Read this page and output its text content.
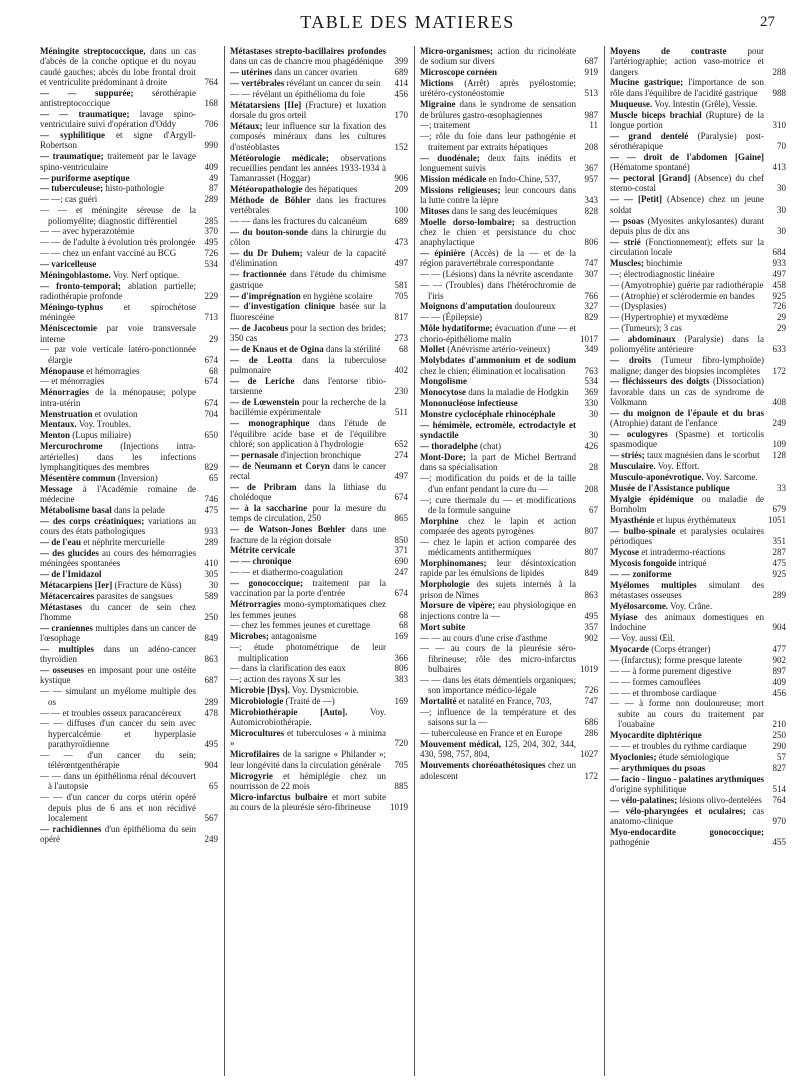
TABLE DES MATIERES	27
Méningite streptococcique, dans un cas d'abcès de la conche optique et du noyau caudé gauches; abcès du lobe frontal droit et ventriculite prédominant à droite	764
— — suppurée; sérothérapie antistreptococcique	168
— — traumatique; lavage spino-ventriculaire suivi d'opération d'Oddy	706
— syphilitique et signe d'Argyll-Robertson	990
— traumatique; traitement par le lavage spino-ventriculaire	409
— puriforme aseptique	49
— tuberculeuse; histo-pathologie	87
— —; cas guéri	289
— — et méningite séreuse de la poliomyélite; diagnostic différentiel	285
— — avec hyperazotémie	370
— — de l'adulte à évolution très prolongée 495
— — chez un enfant vacciné au BCG	726
— varicelleuse	534
Méningoblastome. Voy. Nerf optique.
— fronto-temporal; ablation partielle; radiothérapie profonde	229
Méningo-typhus et spirochétose méningée	713
Méniscectomie par voie transversale interne	29
— par voie verticale latéro-ponctionnée élargie	674
Ménopause et hémorragies	68
— et ménorragies	674
Ménorragies de la ménopause; polype intra-utérin	674
Menstruation et ovulation	704
Mentaux. Voy. Troubles.
Menton (Lupus miliaire)	650
Mercurochrome (Injections intra-artérielles) dans les infections lymphangitiques des membres	829
Mésentère commun (Inversion)	65
Message à l'Académie romaine de médecine	746
Métabolisme basal dans la pelade	475
— des corps créatiniques; variations au cours des états pathologiques	933
— de l'eau et néphrite mercurielle	289
— des glucides au cours des hémorragies méningées spontanées	410
— de l'Imidazol	305
Métacarpiens [Ier] (Fracture de Küss)	30
Métacercaires parasites de sangsues	589
Métastases du cancer de sein chez l'homme	250
— craniennes multiples dans un cancer de l'œsophage	849
— multiples dans un adéno-cancer thyroïdien	863
— osseuses en imposant pour une ostéite kystique	687
— — simulant un myélome multiple des os	289
— — et troubles osseux paracancéreux	478
— — diffuses d'un cancer du sein avec hypercalcémie et hyperplasie parathyroïdienne	495
— — d'un cancer du sein; télérœntgenthérapie	904
— — dans un épithélioma rénal découvert à l'autopsie	65
— — d'un cancer du corps utérin opéré depuis plus de 6 ans et non récidivé localement	567
— rachidiennes d'un épithélioma du sein opéré	249
Métastases strepto-bacillaires profondes dans un cas de chancre mou phagédénique 399
— utérines dans un cancer ovarien	689
— vertébrales révélant un cancer du sein 414
— — révélant un épithélioma du foie	456
Métatarsiens [IIe] (Fracture) et luxation dorsale du gros orteil	170
Métaux; leur influence sur la fixation des composés minéraux dans les cultures d'ostéoblastes	152
Météorologie médicale; observations recueillies pendant les années 1933-1934 à Tamanrasset (Hoggar)	906
Météoropathologie des hépatiques	209
Méthode de Böhler dans les fractures vertébrales	100
— — dans les fractures du calcanéum	689
— du bouton-sonde dans la chirurgie du côlon	473
— du Dr Duhem; valeur de la capacité d'élimination	497
— fractionnée dans l'étude du chimisme gastrique	581
— d'imprégnation en hygiène scolaire 705
— d'investigation clinique basée sur la fluorescéine	817
— de Jacobeus pour la section des brides; 350 cas	273
— de Knaus et de Ogina dans la stérilité 68
— de Leotta dans la tuberculose pulmonaire	402
— de Leriche dans l'entorse tibio-tarsienne	230
— de Lœwenstein pour la recherche de la bacillémie expérimentale	511
— monographique dans l'étude de l'équilibre acide base et de l'équilibre chloré; son application à l'hydrologie	652
— pernasale d'injection bronchique	274
— de Neumann et Coryn dans le cancer rectal	497
— de Pribram dans la lithiase du cholédoque	674
— à la saccharine pour la mesure du temps de circulation, 250	865
— de Watson-Jones Bœhler dans une fracture de la région dorsale	850
Métrite cervicale	371
— — chronique	690
— — et diathermo-coagulation	247
— gonococcique; traitement par la vaccination par la porte d'entrée	674
Métrorragies mono-symptomatiques chez les femmes jeunes	68
— chez les femmes jeunes et curettage	68
Microbes; antagonisme	169
—; étude photométrique de leur multiplication	366
— dans la clarification des eaux	806
—; action des rayons X sur les	383
Microbie [Dys]. Voy. Dysmicrobie.
Microbiologie (Traité de —)	169
Microbiothérapie [Auto].	Voy. Automicrobiothérapie.
Microcultures et tuberculoses « à minima »	720
Microfilaires de la sarigne « Philander »; leur longévité dans la circulation générale 705
Microgyrie et hémiplégie chez un nourrisson de 22 mois	885
Micro-infarctus bulbaire et mort subite au cours de la pleurésie séro-fibrineuse 1019
Micro-organismes; action du ricinoléate de sodium sur divers	687
Microscope cornéen	919
Mictions (Arrêt) après pyélostomie; urétéro-cystonéostomie	513
Migraine dans le syndrome de sensation de brûlures gastro-œsophagiennes	987
—; traitement	11
—; rôle du foie dans leur pathogénie et traitement par extraits hépatiques	208
— duodénale; deux faits inédits et longuement suivis	367
Mission médicale en Indo-Chine, 537,	957
Missions religieuses; leur concours dans la lutte contre la lèpre	343
Mitoses dans le sang des leucémiques	828
Moelle dorso-lombaire; sa destruction chez le chien et persistance du choc anaphylactique	806
— épinière (Accès) de la — et de la région paravertébrale correspondante	747
— — (Lésions) dans la névrite ascendante 307
— — (Troubles) dans l'hétérochromie de l'iris	766
Moignons d'amputation douloureux	327
— — (Épilepsie)	829
Môle hydatiforme; évacuation d'une — et chorio-épithéliome malin	1017
Mollet (Anévrisme artério-veineux)	349
Molybdates d'ammonium et de sodium chez le chien; élimination et localisation 763
Mongolisme	534
Monocytose dans la maladie de Hodgkin 369
Mononucléose infectieuse	330
Monstre cyclocéphale rhinocéphale	30
— hémimèle, ectromèle, ectrodactyle et syndactile	30
— thoradelphe (chat)	426
Mont-Dore; la part de Michel Bertrand dans sa spécialisation	28
—; modification du poids et de la taille d'un enfant pendant la cure du —	208
—; cure thermale du — et modifications de la formule sanguine	67
Morphine chez le lapin et action comparée des agents pyrogènes	807
— chez le lapin et action comparée des médicaments antithermiques	807
Morphinomanes; leur désintoxication rapide par les émulsions de lipides	849
Morphologie des sujets internés à la prison de Nîmes	863
Morsure de vipère; eau physiologique en injections contre la —	495
Mort subite	357
— — au cours d'une crise d'asthme	902
— — au cours de la pleurésie séro-fibrineuse; rôle des micro-infarctus bulbaires	1019
— — dans les états démentiels organiques; son importance médico-légale	726
Mortalité et natalité en France, 703,	747
—; influence de la température et des saisons sur la —	686
— tuberculeuse en France et en Europe	286
Mouvement médical, 125, 204, 302, 344, 430, 598, 757, 804,	1027
Mouvements choréoathétosiques chez un adolescent	172
Moyens de contraste pour l'artériographie; action vaso-motrice et dangers	288
Mucine gastrique; l'importance de son rôle dans l'équilibre de l'acidité gastrique 988
Muqueuse. Voy. Intestin (Grêle), Vessie.
Muscle biceps brachial (Rupture) de la longue portion	310
— grand dentelé (Paralysie) post-sérothérapique	70
— — droit de l'abdomen [Gaine] (Hématome spontané)	413
— pectoral [Grand] (Absence) du chef sterno-costal	30
— — [Petit] (Absence) chez un jeune soldat	30
— psoas (Myosites ankylosantes) durant depuis plus de dix ans	30
— strié (Fonctionnement); effets sur la circulation locale	684
Muscles; biochimie	933
—; électrodiagnostic linéaire	497
— (Amyotrophie) guérie par radiothérapie 458
— (Atrophie) et sclérodermie en bandes 925
— (Dysplasies)	726
— (Hypertrophie) et myxœdème	29
— (Tumeurs); 3 cas	29
— abdominaux (Paralysie) dans la poliomyélite antérieure	633
— droits (Tumeur fibro-lymphoïde) maligne; danger des biopsies incomplètes 172
— fléchisseurs des doigts (Dissociation) favorable dans un cas de syndrome de Volkmann	408
— du moignon de l'épaule et du bras (Atrophie) datant de l'enfance	249
— oculogyres (Spasme) et torticolis spasmodique	109
— striés; taux magnésien dans le scorbut 128
Musculaire. Voy. Effort.
Musculo-aponévrotique. Voy. Sarcome.
Musée de l'Assistance publique	33
Myalgie épidémique ou maladie de Bornholm	679
Myasthénie et lupus érythémateux	1051
— bulbo-spinale et paralysies oculaires périodiques	351
Mycose et intradermo-réactions	287
Mycosis fongoïde intriqué	475
— — zoniforme	925
Myélomes multiples simulant des métastases osseuses	289
Myélosarcome. Voy. Crâne.
Myiase des animaux domestiques en Indochine	904
— Voy. aussi Œil.
Myocarde (Corps étranger)	477
— (Infarctus); forme presque latente	902
— — à forme purement digestive	897
— — formes camouflées	409
— — et thrombose cardiaque	456
— — à forme non douloureuse; mort subite au cours du traitement par l'ouabaïne	210
Myocardite diphtérique	250
— — et troubles du rythme cardiaque	290
Myoclonies; étude sémiologique	57
— arythmiques du psoas	827
— facio - linguo - palatines arythmiques d'origine syphilitique	514
— vélo-palatines; lésions olivo-dentelées 764
— vélo-pharyngées et oculaires; cas anatomo-clinique	970
Myo-endocardite gonococcique; pathogénie	455
